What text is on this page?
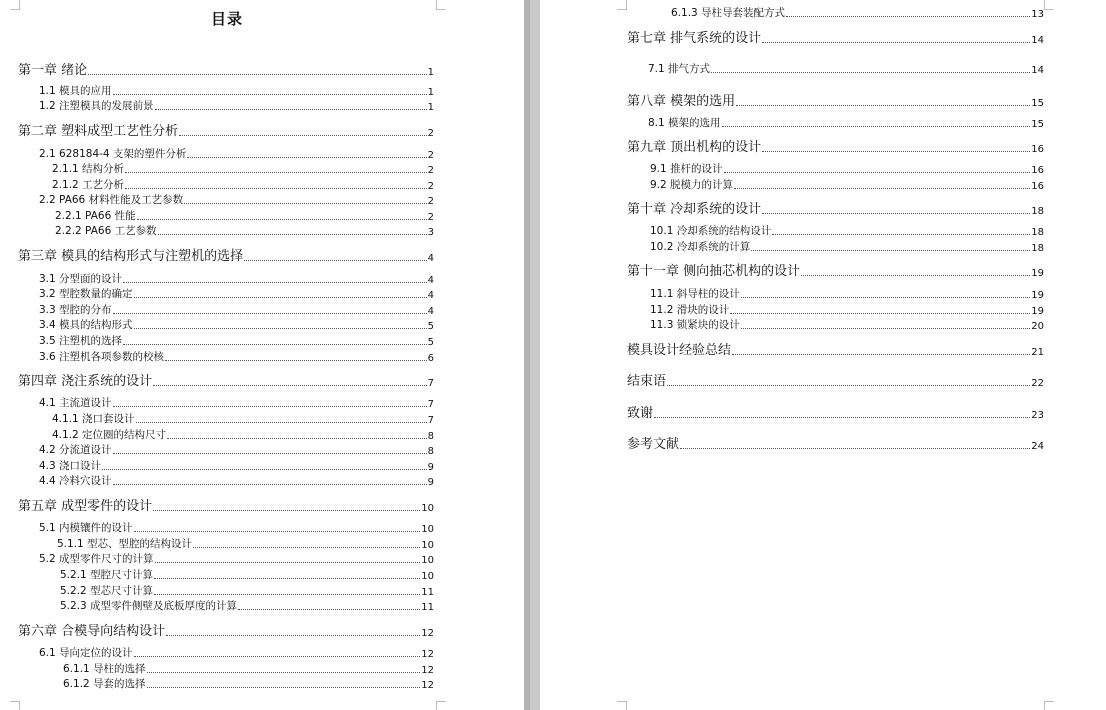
目录
第一章 绪论	1
1.1 模具的应用	1
1.2 注塑模具的发展前景	1
第二章 塑料成型工艺性分析	2
2.1 628184-4 支架的塑件分析	2
2.1.1 结构分析	2
2.1.2 工艺分析	2
2.2 PA66 材料性能及工艺参数	2
2.2.1 PA66 性能	2
2.2.2 PA66 工艺参数	3
第三章 模具的结构形式与注塑机的选择	4
3.1 分型面的设计	4
3.2 型腔数量的确定	4
3.3 型腔的分布	4
3.4 模具的结构形式	5
3.5 注塑机的选择	5
3.6 注塑机各项参数的校核	6
第四章 浇注系统的设计	7
4.1 主流道设计	7
4.1.1 浇口套设计	7
4.1.2 定位圈的结构尺寸	8
4.2 分流道设计	8
4.3 浇口设计	9
4.4 冷料穴设计	9
第五章 成型零件的设计	10
5.1 内模镶件的设计	10
5.1.1 型芯、型腔的结构设计	10
5.2 成型零件尺寸的计算	10
5.2.1 型腔尺寸计算	10
5.2.2 型芯尺寸计算	11
5.2.3 成型零件侧壁及底板厚度的计算	11
第六章 合模导向结构设计	12
6.1 导向定位的设计	12
6.1.1 导柱的选择	12
6.1.2 导套的选择	12
6.1.3 导柱导套装配方式	13
第七章 排气系统的设计	14
7.1 排气方式	14
第八章 模架的选用	15
8.1 模架的选用	15
第九章 顶出机构的设计	16
9.1 推杆的设计	16
9.2 脱模力的计算	16
第十章 冷却系统的设计	18
10.1 冷却系统的结构设计	18
10.2 冷却系统的计算	18
第十一章 侧向抽芯机构的设计	19
11.1 斜导柱的设计	19
11.2 滑块的设计	19
11.3 锁紧块的设计	20
模具设计经验总结	21
结束语	22
致谢	23
参考文献	24
